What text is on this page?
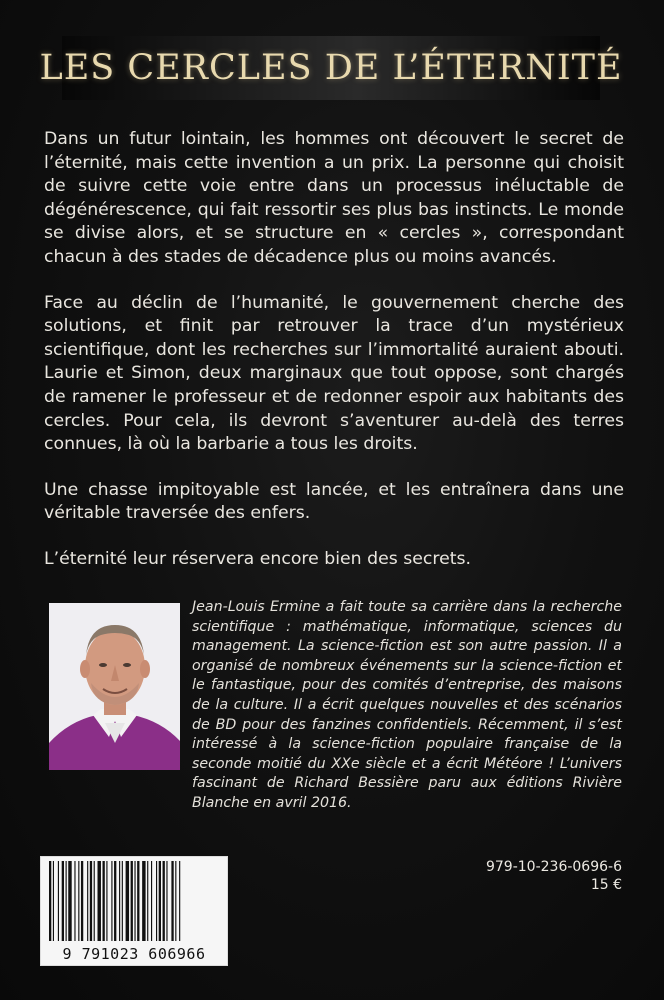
LES CERCLES DE L’ÉTERNITÉ

Dans un futur lointain, les hommes ont découvert le secret de l’éternité, mais cette invention a un prix. La personne qui choisit de suivre cette voie entre dans un processus inéluctable de dégénérescence, qui fait ressortir ses plus bas instincts. Le monde se divise alors, et se structure en « cercles », correspondant chacun à des stades de décadence plus ou moins avancés.

Face au déclin de l’humanité, le gouvernement cherche des solutions, et finit par retrouver la trace d’un mystérieux scientifique, dont les recherches sur l’immortalité auraient abouti. Laurie et Simon, deux marginaux que tout oppose, sont chargés de ramener le professeur et de redonner espoir aux habitants des cercles. Pour cela, ils devront s’aventurer au-delà des terres connues, là où la barbarie a tous les droits.

Une chasse impitoyable est lancée, et les entraînera dans une véritable traversée des enfers.

L’éternité leur réservera encore bien des secrets.

Jean-Louis Ermine a fait toute sa carrière dans la recherche scientifique : mathématique, informatique, sciences du management. La science-fiction est son autre passion. Il a organisé de nombreux événements sur la science-fiction et le fantastique, pour des comités d’entreprise, des maisons de la culture. Il a écrit quelques nouvelles et des scénarios de BD pour des fanzines confidentiels. Récemment, il s’est intéressé à la science-fiction populaire française de la seconde moitié du XXe siècle et a écrit Météore ! L’univers fascinant de Richard Bessière paru aux éditions Rivière Blanche en avril 2016.
9 791023 606966
979-10-236-0696-6
15 €
